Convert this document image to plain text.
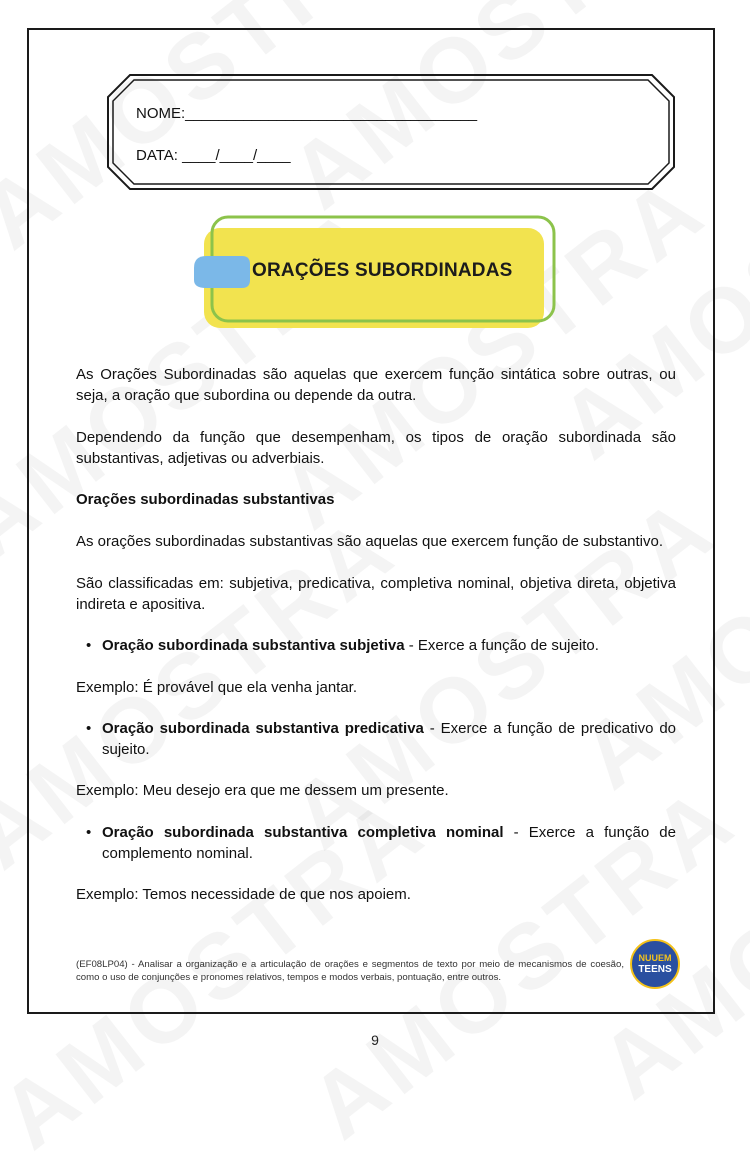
NOME:___________________________________
DATA: ____/____/____
ORAÇÕES SUBORDINADAS
As Orações Subordinadas são aquelas que exercem função sintática sobre outras, ou seja, a oração que subordina ou depende da outra.
Dependendo da função que desempenham, os tipos de oração subordinada são substantivas, adjetivas ou adverbiais.
Orações subordinadas substantivas
As orações subordinadas substantivas são aquelas que exercem função de substantivo.
São classificadas em: subjetiva, predicativa, completiva nominal, objetiva direta, objetiva indireta e apositiva.
• Oração subordinada substantiva subjetiva - Exerce a função de sujeito.
Exemplo: É provável que ela venha jantar.
• Oração subordinada substantiva predicativa - Exerce a função de predicativo do sujeito.
Exemplo: Meu desejo era que me dessem um presente.
• Oração subordinada substantiva completiva nominal - Exerce a função de complemento nominal.
Exemplo: Temos necessidade de que nos apoiem.
(EF08LP04) - Analisar a organização e a articulação de orações e segmentos de texto por meio de mecanismos de coesão, como o uso de conjunções e pronomes relativos, tempos e modos verbais, pontuação, entre outros.
NUUEM
TEENS
9
